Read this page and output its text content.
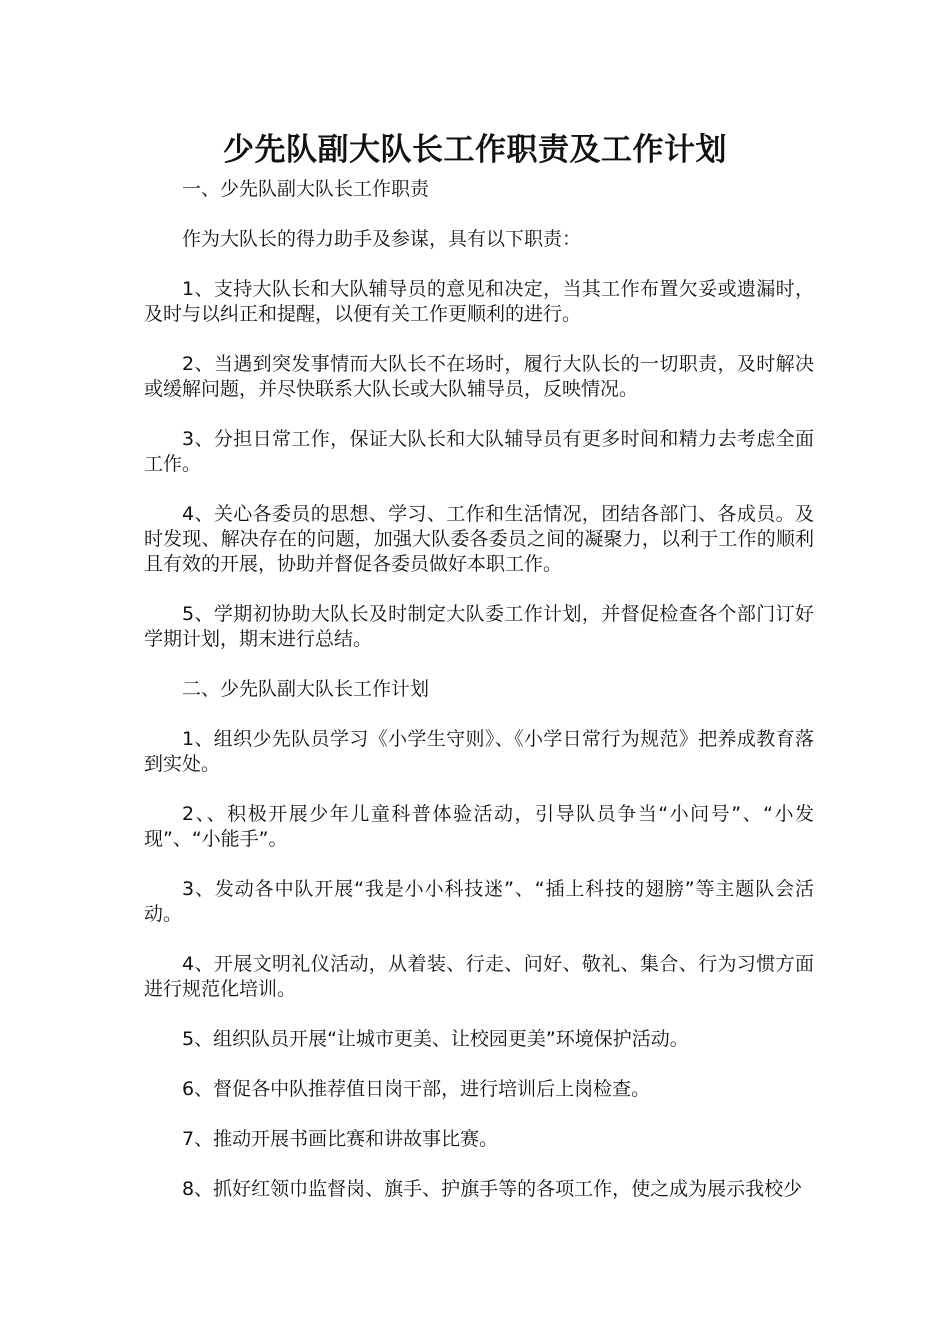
少先队副大队长工作职责及工作计划

一、少先队副大队长工作职责

作为大队长的得力助手及参谋，具有以下职责：

1、支持大队长和大队辅导员的意见和决定，当其工作布置欠妥或遗漏时，及时与以纠正和提醒，以便有关工作更顺利的进行。

2、当遇到突发事情而大队长不在场时，履行大队长的一切职责，及时解决或缓解问题，并尽快联系大队长或大队辅导员，反映情况。

3、分担日常工作，保证大队长和大队辅导员有更多时间和精力去考虑全面工作。

4、关心各委员的思想、学习、工作和生活情况，团结各部门、各成员。及时发现、解决存在的问题，加强大队委各委员之间的凝聚力，以利于工作的顺利且有效的开展，协助并督促各委员做好本职工作。

5、学期初协助大队长及时制定大队委工作计划，并督促检查各个部门订好学期计划，期末进行总结。

二、少先队副大队长工作计划

1、组织少先队员学习《小学生守则》、《小学日常行为规范》把养成教育落到实处。

2、、积极开展少年儿童科普体验活动，引导队员争当“小问号”、“小发现”、“小能手”。

3、发动各中队开展“我是小小科技迷”、“插上科技的翅膀”等主题队会活动。

4、开展文明礼仪活动，从着装、行走、问好、敬礼、集合、行为习惯方面进行规范化培训。

5、组织队员开展“让城市更美、让校园更美”环境保护活动。

6、督促各中队推荐值日岗干部，进行培训后上岗检查。

7、推动开展书画比赛和讲故事比赛。

8、抓好红领巾监督岗、旗手、护旗手等的各项工作，使之成为展示我校少
